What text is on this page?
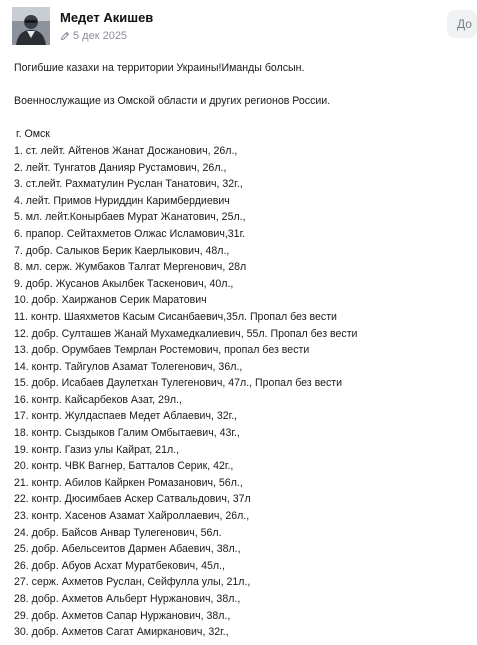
Медет Акишев
5 дек 2025
До

Погибшие казахи на территории Украины!Иманды болсын.

Военнослужащие из Омской области и других регионов России.

г. Омск

1. ст. лейт. Айтенов Жанат Досжанович, 26л.,
2. лейт. Тунгатов Данияр Рустамович, 26л.,
3. ст.лейт. Рахматулин Руслан Танатович, 32г.,
4. лейт. Примов Нуриддин Каримбердиевич
5. мл. лейт.Конырбаев Мурат Жанатович, 25л.,
6. прапор. Сейтахметов Олжас Исламович,31г.
7. добр. Салыков Берик Каерлыкович, 48л.,
8. мл. серж. Жумбаков Талгат Мергенович, 28л
9. добр. Жусанов Акылбек Таскенович, 40л.,
10. добр. Хаиржанов Серик Маратович
11. контр. Шаяхметов Касым Сисанбаевич,35л. Пропал без вести
12. добр. Султашев Жанай Мухамедкалиевич, 55л. Пропал без вести
13. добр. Орумбаев Темрлан Ростемович, пропал без вести
14. контр. Тайгулов Азамат Толегенович, 36л.,
15. добр. Исабаев Даулетхан Тулегенович, 47л., Пропал без вести
16. контр. Кайсарбеков Азат, 29л.,
17. контр. Жулдаспаев Медет Аблаевич, 32г.,
18. контр. Сыздыков Галим Омбытаевич, 43г.,
19. контр. Газиз улы Кайрат, 21л.,
20. контр. ЧВК Вагнер, Батталов Серик, 42г.,
21. контр. Абилов Кайркен Ромазанович, 56л.,
22. контр. Дюсимбаев Аскер Сатвальдович, 37л
23. контр. Хасенов Азамат Хайроллаевич, 26л.,
24. добр. Байсов Анвар Тулегенович, 56л.
25. добр. Абельсеитов Дармен Абаевич, 38л.,
26. добр. Абуов Асхат Муратбекович, 45л.,
27. серж. Ахметов Руслан, Сейфулла улы, 21л.,
28. добр. Ахметов Альберт Нуржанович, 38л.,
29. добр. Ахметов Сапар Нуржанович, 38л.,
30. добр. Ахметов Сагат Амирканович, 32г.,
